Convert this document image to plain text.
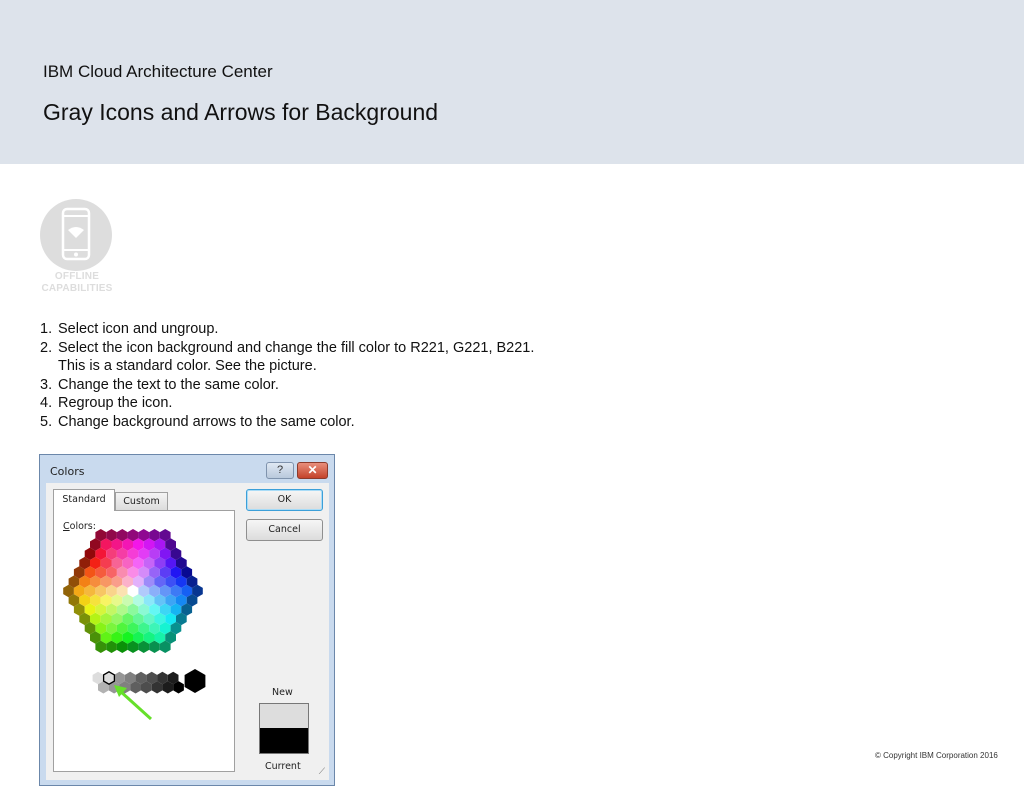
IBM Cloud Architecture Center
Gray Icons and Arrows for Background
OFFLINE
CAPABILITIES
1. Select icon and ungroup.
2. Select the icon background and change the fill color to R221, G221, B221.
This is a standard color. See the picture.
3. Change the text to the same color.
4. Regroup the icon.
5. Change background arrows to the same color.
Colors	?	✕
Standard	Custom
Colors:
OK
Cancel
New
Current ⟋
© Copyright IBM Corporation 2016
